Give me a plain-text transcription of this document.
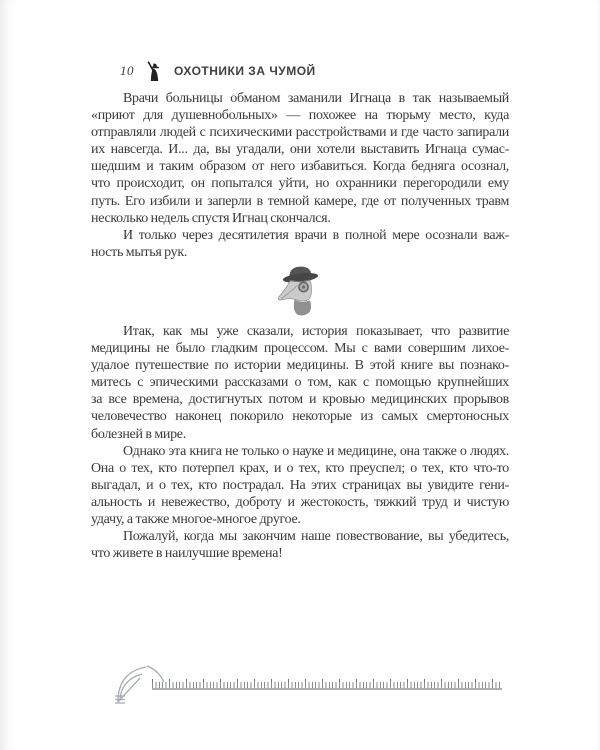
10	ОХОТНИКИ ЗА ЧУМОЙ
Врачи больницы обманом заманили Игнаца в так называемый
«приют для душевнобольных» — похожее на тюрьму место, куда
отправляли людей с психическими расстройствами и где часто запирали
их навсегда. И... да, вы угадали, они хотели выставить Игнаца сумас-
шедшим и таким образом от него избавиться. Когда бедняга осознал,
что происходит, он попытался уйти, но охранники перегородили ему
путь. Его избили и заперли в темной камере, где от полученных травм
несколько недель спустя Игнац скончался.
И только через десятилетия врачи в полной мере осознали важ-
ность мытья рук.
Итак, как мы уже сказали, история показывает, что развитие
медицины не было гладким процессом. Мы с вами совершим лихое-
удалое путешествие по истории медицины. В этой книге вы познако-
митесь с эпическими рассказами о том, как с помощью крупнейших
за все времена, достигнутых потом и кровью медицинских прорывов
человечество наконец покорило некоторые из самых смертоносных
болезней в мире.
Однако эта книга не только о науке и медицине, она также о людях.
Она о тех, кто потерпел крах, и о тех, кто преуспел; о тех, кто что-то
выгадал, и о тех, кто пострадал. На этих страницах вы увидите гени-
альность и невежество, доброту и жестокость, тяжкий труд и чистую
удачу, а также многое-многое другое.
Пожалуй, когда мы закончим наше повествование, вы убедитесь,
что живете в наилучшие времена!
